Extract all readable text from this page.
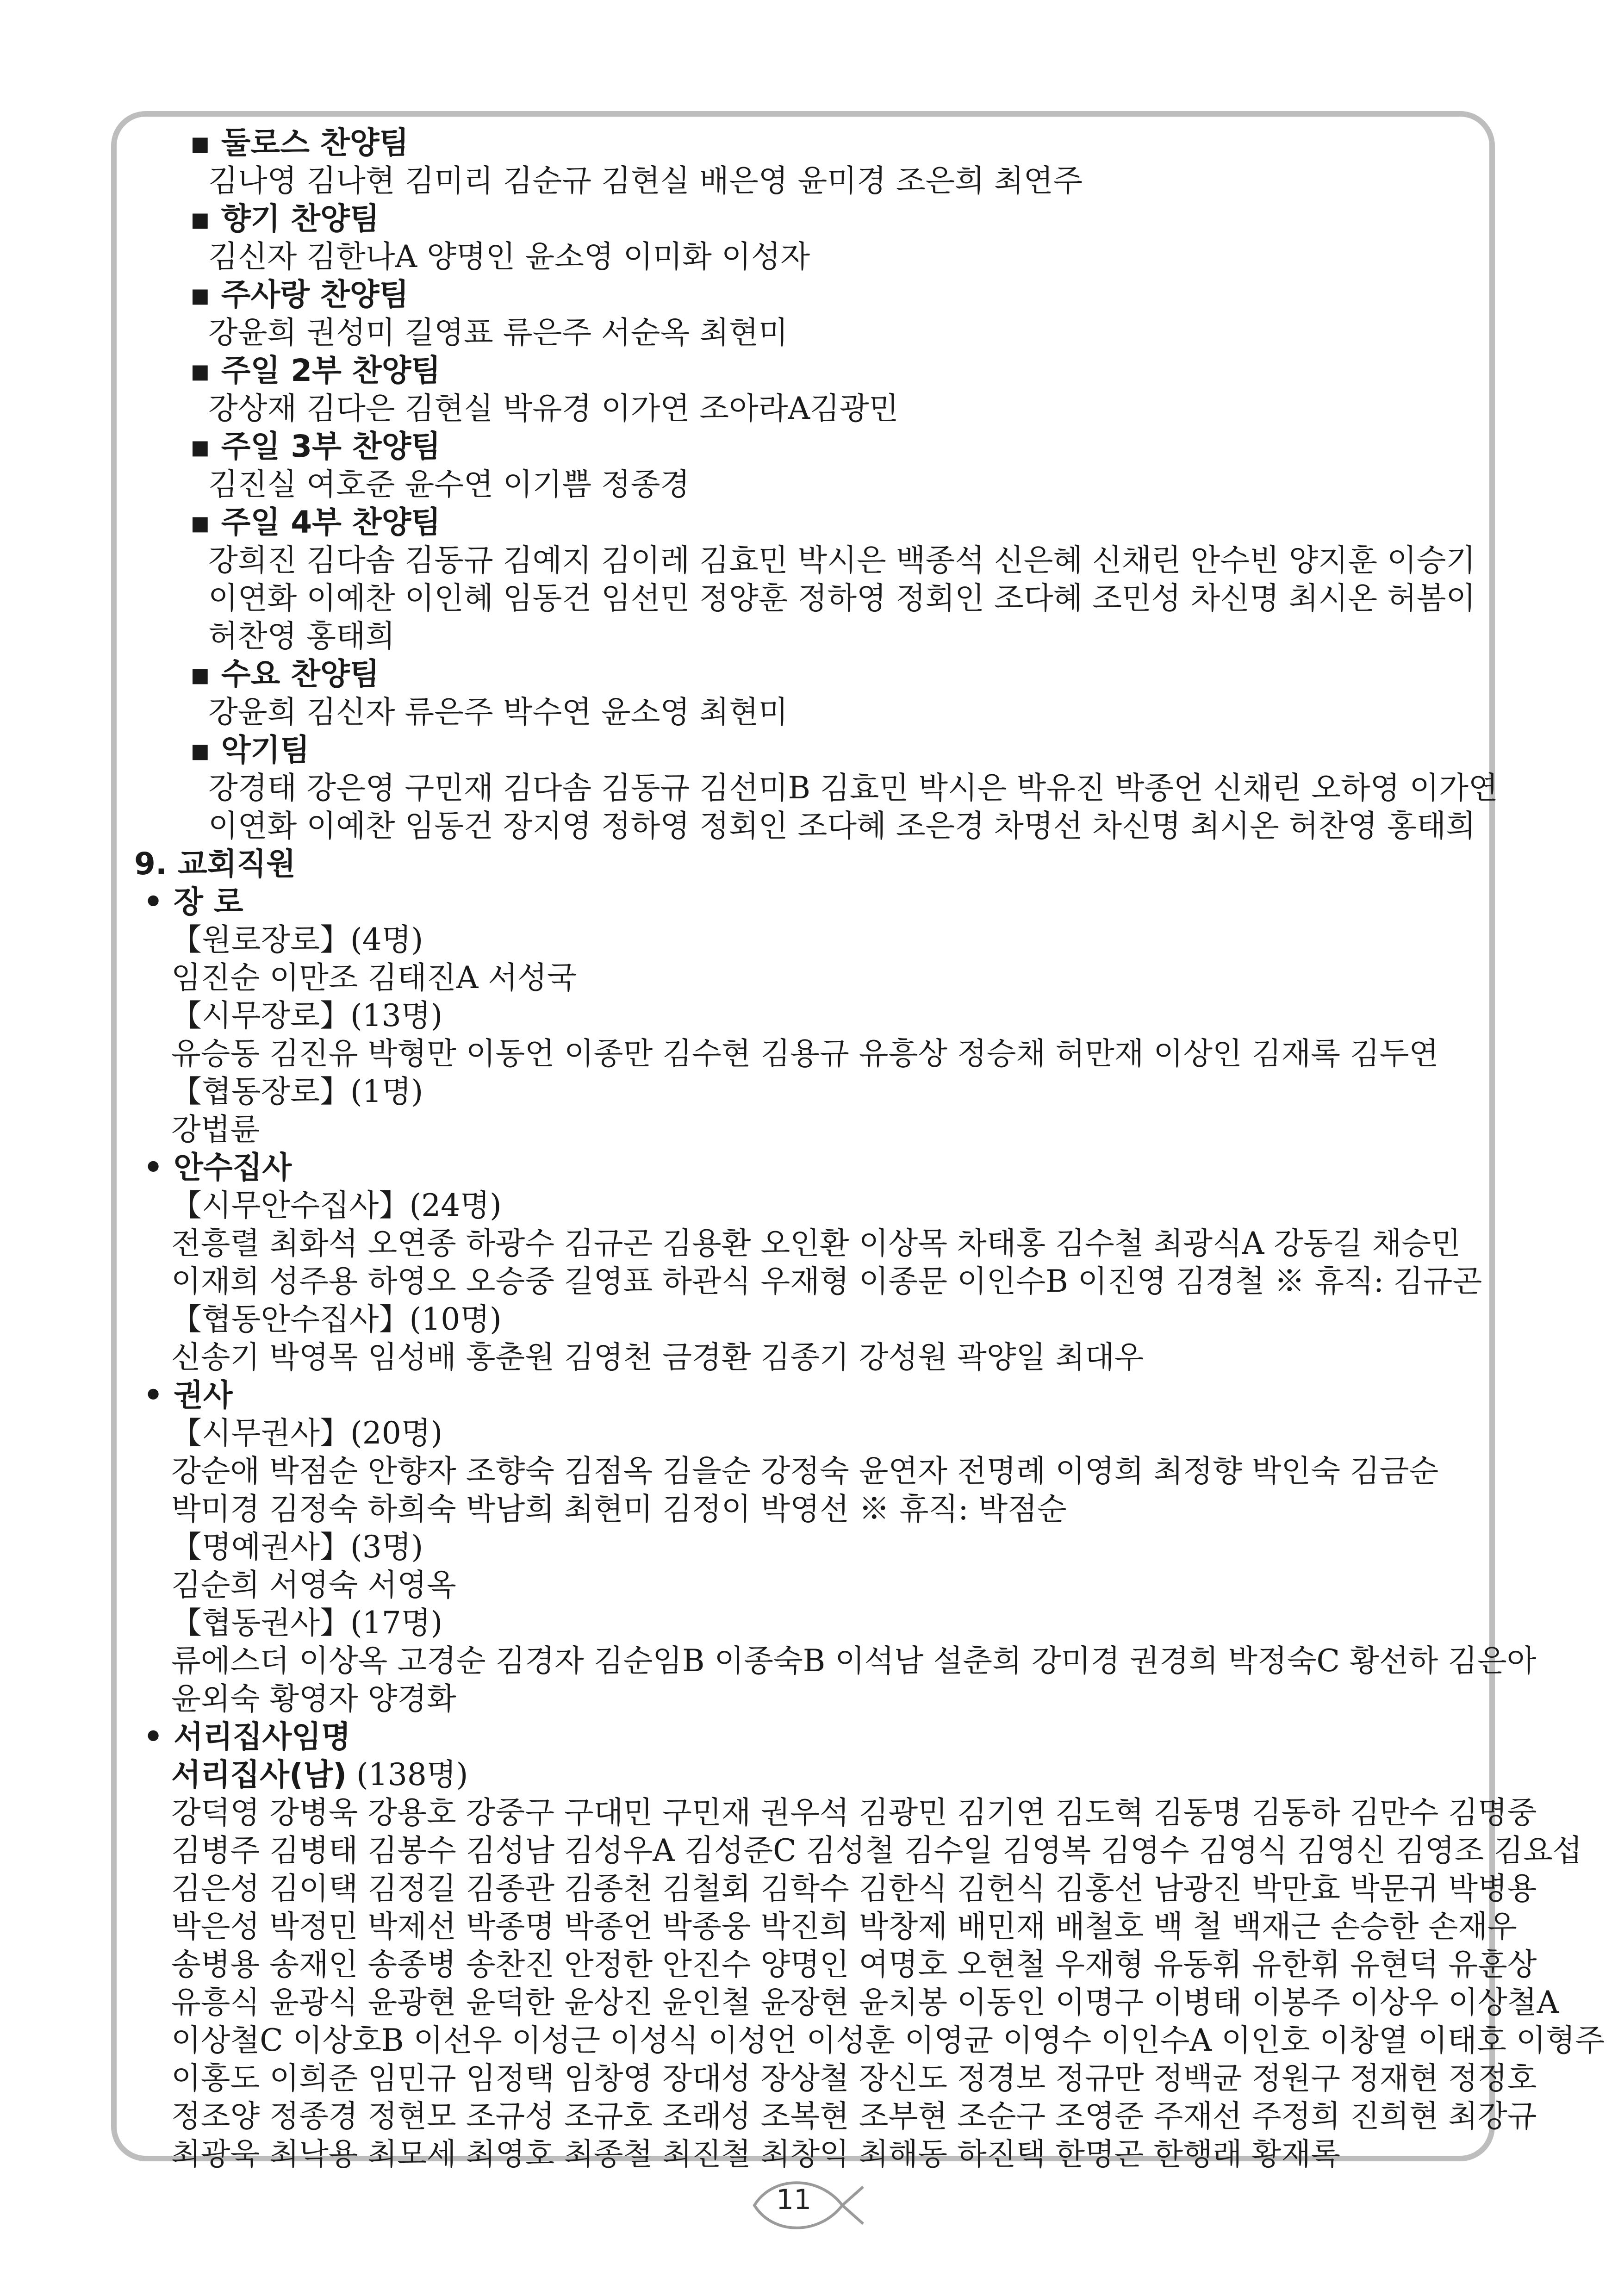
▪ 둘로스 찬양팀
김나영 김나현 김미리 김순규 김현실 배은영 윤미경 조은희 최연주
▪ 향기 찬양팀
김신자 김한나A 양명인 윤소영 이미화 이성자
▪ 주사랑 찬양팀
강윤희 권성미 길영표 류은주 서순옥 최현미
▪ 주일 2부 찬양팀
강상재 김다은 김현실 박유경 이가연 조아라A김광민
▪ 주일 3부 찬양팀
김진실 여호준 윤수연 이기쁨 정종경
▪ 주일 4부 찬양팀
강희진 김다솜 김동규 김예지 김이레 김효민 박시은 백종석 신은혜 신채린 안수빈 양지훈 이승기
이연화 이예찬 이인혜 임동건 임선민 정양훈 정하영 정회인 조다혜 조민성 차신명 최시온 허봄이
허찬영 홍태희
▪ 수요 찬양팀
강윤희 김신자 류은주 박수연 윤소영 최현미
▪ 악기팀
강경태 강은영 구민재 김다솜 김동규 김선미B 김효민 박시은 박유진 박종언 신채린 오하영 이가연
이연화 이예찬 임동건 장지영 정하영 정회인 조다혜 조은경 차명선 차신명 최시온 허찬영 홍태희
9. 교회직원
• 장 로
【원로장로】(4명)
임진순 이만조 김태진A 서성국
【시무장로】(13명)
유승동 김진유 박형만 이동언 이종만 김수현 김용규 유흥상 정승채 허만재 이상인 김재록 김두연
【협동장로】(1명)
강법륜
• 안수집사
【시무안수집사】(24명)
전흥렬 최화석 오연종 하광수 김규곤 김용환 오인환 이상목 차태홍 김수철 최광식A 강동길 채승민
이재희 성주용 하영오 오승중 길영표 하관식 우재형 이종문 이인수B 이진영 김경철 ※ 휴직: 김규곤
【협동안수집사】(10명)
신송기 박영목 임성배 홍춘원 김영천 금경환 김종기 강성원 곽양일 최대우
• 권사
【시무권사】(20명)
강순애 박점순 안향자 조향숙 김점옥 김을순 강정숙 윤연자 전명례 이영희 최정향 박인숙 김금순
박미경 김정숙 하희숙 박남희 최현미 김정이 박영선 ※ 휴직: 박점순
【명예권사】(3명)
김순희 서영숙 서영옥
【협동권사】(17명)
류에스더 이상옥 고경순 김경자 김순임B 이종숙B 이석남 설춘희 강미경 권경희 박정숙C 황선하 김은아
윤외숙 황영자 양경화
• 서리집사임명
서리집사(남) (138명)
강덕영 강병욱 강용호 강중구 구대민 구민재 권우석 김광민 김기연 김도혁 김동명 김동하 김만수 김명중
김병주 김병태 김봉수 김성남 김성우A 김성준C 김성철 김수일 김영복 김영수 김영식 김영신 김영조 김요섭
김은성 김이택 김정길 김종관 김종천 김철회 김학수 김한식 김헌식 김홍선 남광진 박만효 박문귀 박병용
박은성 박정민 박제선 박종명 박종언 박종웅 박진희 박창제 배민재 배철호 백 철 백재근 손승한 손재우
송병용 송재인 송종병 송찬진 안정한 안진수 양명인 여명호 오현철 우재형 유동휘 유한휘 유현덕 유훈상
유흥식 윤광식 윤광현 윤덕한 윤상진 윤인철 윤장현 윤치봉 이동인 이명구 이병태 이봉주 이상우 이상철A
이상철C 이상호B 이선우 이성근 이성식 이성언 이성훈 이영균 이영수 이인수A 이인호 이창열 이태호 이형주
이홍도 이희준 임민규 임정택 임창영 장대성 장상철 장신도 정경보 정규만 정백균 정원구 정재현 정정호
정조양 정종경 정현모 조규성 조규호 조래성 조복현 조부현 조순구 조영준 주재선 주정희 진희현 최강규
최광욱 최낙용 최모세 최영호 최종철 최진철 최창익 최해동 하진택 한명곤 한행래 황재록
11
